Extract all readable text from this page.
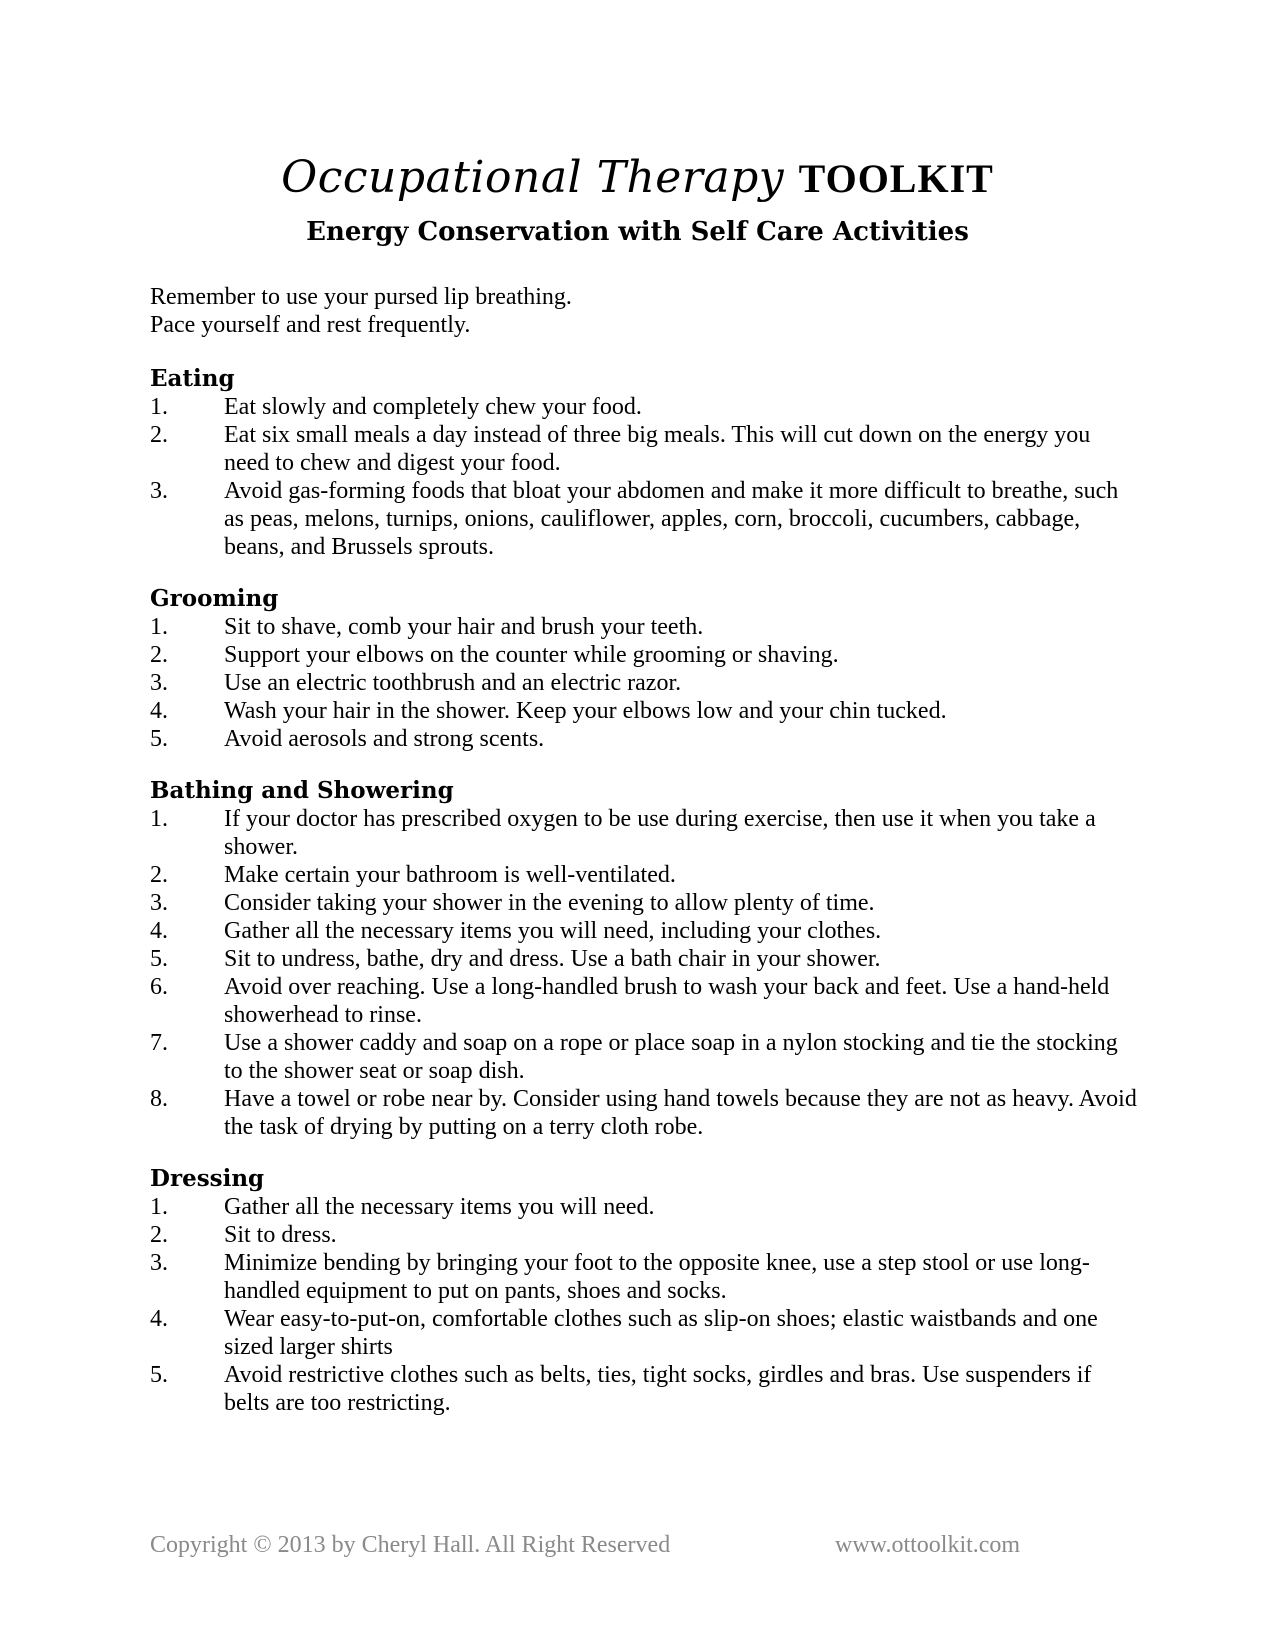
Occupational Therapy TOOLKIT
Energy Conservation with Self Care Activities
Remember to use your pursed lip breathing.
Pace yourself and rest frequently.
Eating
1.	Eat slowly and completely chew your food.
2.	Eat six small meals a day instead of three big meals. This will cut down on the energy you need to chew and digest your food.
3.	Avoid gas-forming foods that bloat your abdomen and make it more difficult to breathe, such as peas, melons, turnips, onions, cauliflower, apples, corn, broccoli, cucumbers, cabbage, beans, and Brussels sprouts.
Grooming
1.	Sit to shave, comb your hair and brush your teeth.
2.	Support your elbows on the counter while grooming or shaving.
3.	Use an electric toothbrush and an electric razor.
4.	Wash your hair in the shower. Keep your elbows low and your chin tucked.
5.	Avoid aerosols and strong scents.
Bathing and Showering
1.	If your doctor has prescribed oxygen to be use during exercise, then use it when you take a shower.
2.	Make certain your bathroom is well-ventilated.
3.	Consider taking your shower in the evening to allow plenty of time.
4.	Gather all the necessary items you will need, including your clothes.
5.	Sit to undress, bathe, dry and dress. Use a bath chair in your shower.
6.	Avoid over reaching. Use a long-handled brush to wash your back and feet. Use a hand-held showerhead to rinse.
7.	Use a shower caddy and soap on a rope or place soap in a nylon stocking and tie the stocking to the shower seat or soap dish.
8.	Have a towel or robe near by. Consider using hand towels because they are not as heavy. Avoid the task of drying by putting on a terry cloth robe.
Dressing
1.	Gather all the necessary items you will need.
2.	Sit to dress.
3.	Minimize bending by bringing your foot to the opposite knee, use a step stool or use long-handled equipment to put on pants, shoes and socks.
4.	Wear easy-to-put-on, comfortable clothes such as slip-on shoes; elastic waistbands and one sized larger shirts
5.	Avoid restrictive clothes such as belts, ties, tight socks, girdles and bras. Use suspenders if belts are too restricting.
Copyright © 2013 by Cheryl Hall. All Right Reserved	www.ottoolkit.com
